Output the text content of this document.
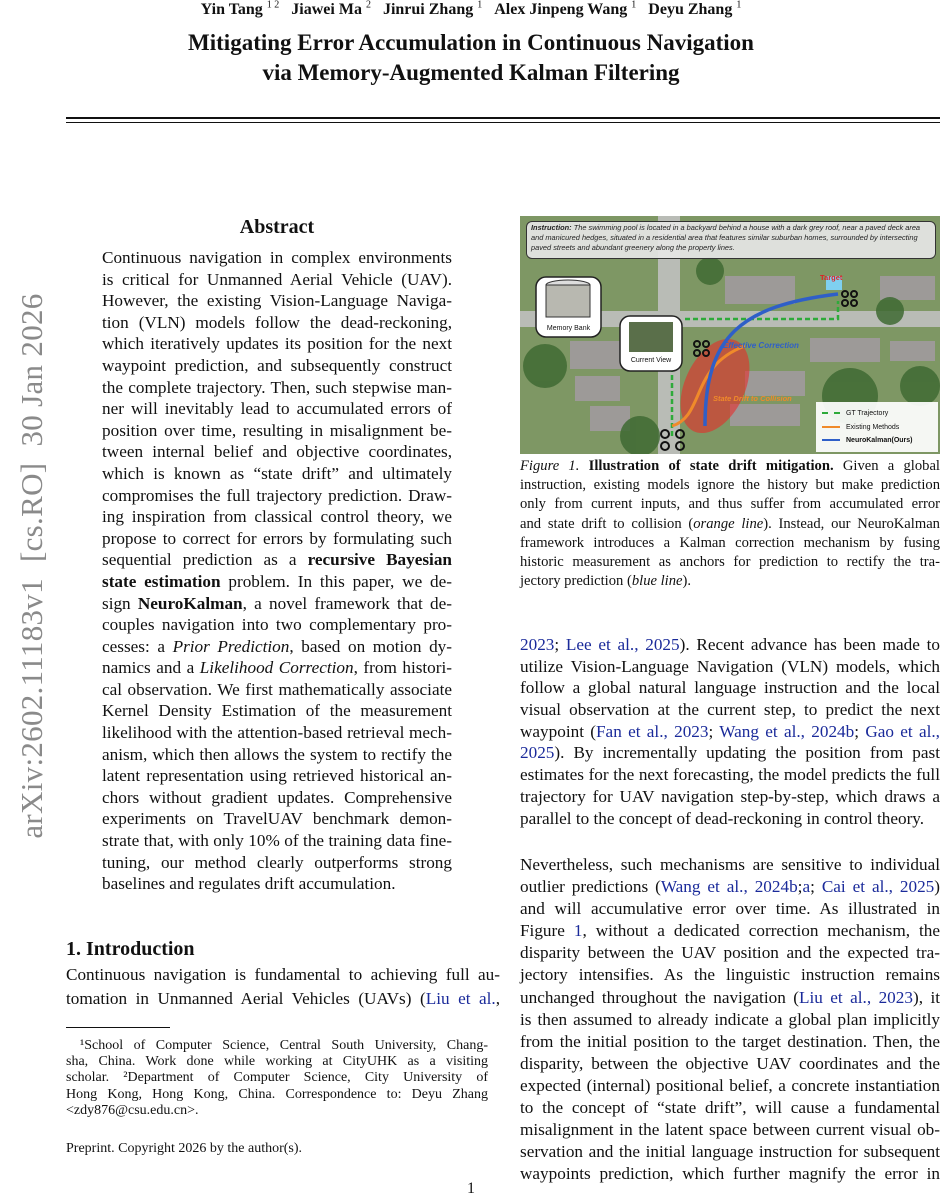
arXiv:2602.11183v1  [cs.RO]  30 Jan 2026
Mitigating Error Accumulation in Continuous Navigation
via Memory-Augmented Kalman Filtering
Yin Tang $^{1 2}$ Jiawei Ma $^2$ Jinrui Zhang $^1$ Alex Jinpeng Wang $^1$ Deyu Zhang $^1$
Abstract
Continuous navigation in complex environments
is critical for Unmanned Aerial Vehicle (UAV).
However, the existing Vision-Language Naviga-
tion (VLN) models follow the dead-reckoning,
which iteratively updates its position for the next
waypoint prediction, and subsequently construct
the complete trajectory. Then, such stepwise man-
ner will inevitably lead to accumulated errors of
position over time, resulting in misalignment be-
tween internal belief and objective coordinates,
which is known as “state drift” and ultimately
compromises the full trajectory prediction. Draw-
ing inspiration from classical control theory, we
propose to correct for errors by formulating such
sequential prediction as a recursive Bayesian
state estimation problem. In this paper, we de-
sign NeuroKalman, a novel framework that de-
couples navigation into two complementary pro-
cesses: a Prior Prediction, based on motion dy-
namics and a Likelihood Correction, from histori-
cal observation. We first mathematically associate
Kernel Density Estimation of the measurement
likelihood with the attention-based retrieval mech-
anism, which then allows the system to rectify the
latent representation using retrieved historical an-
chors without gradient updates. Comprehensive
experiments on TravelUAV benchmark demon-
strate that, with only 10% of the training data fine-
tuning, our method clearly outperforms strong
baselines and regulates drift accumulation.
1. Introduction
Continuous navigation is fundamental to achieving full au-
tomation in Unmanned Aerial Vehicles (UAVs) (Liu et al.,
 ¹School of Computer Science, Central South University, Chang-
sha, China. Work done while working at CityUHK as a visiting
scholar. ²Department of Computer Science, City University of
Hong Kong, Hong Kong, China. Correspondence to: Deyu Zhang
<zdy876@csu.edu.cn>.
Preprint. Copyright 2026 by the author(s).
1
Instruction: The swimming pool is located in a backyard behind a house with a dark grey roof, near a paved deck area and manicured hedges, situated in a residential area that features similar suburban homes, surrounded by intersecting paved streets and abundant greenery along the property lines.
Memory Bank
Current View
Target
Effective Correction
State Drift to Collision
GT Trajectory
Existing Methods
NeuroKalman(Ours)
Figure 1. Illustration of state drift mitigation. Given a global
instruction, existing models ignore the history but make prediction
only from current inputs, and thus suffer from accumulated error
and state drift to collision (orange line). Instead, our NeuroKalman
framework introduces a Kalman correction mechanism by fusing
historic measurement as anchors for prediction to rectify the tra-
jectory prediction (blue line).
2023; Lee et al., 2025). Recent advance has been made to
utilize Vision-Language Navigation (VLN) models, which
follow a global natural language instruction and the local
visual observation at the current step, to predict the next
waypoint (Fan et al., 2023; Wang et al., 2024b; Gao et al.,
2025). By incrementally updating the position from past
estimates for the next forecasting, the model predicts the full
trajectory for UAV navigation step-by-step, which draws a
parallel to the concept of dead-reckoning in control theory.
Nevertheless, such mechanisms are sensitive to individual
outlier predictions (Wang et al., 2024b;a; Cai et al., 2025)
and will accumulative error over time. As illustrated in
Figure 1, without a dedicated correction mechanism, the
disparity between the UAV position and the expected tra-
jectory intensifies. As the linguistic instruction remains
unchanged throughout the navigation (Liu et al., 2023), it
is then assumed to already indicate a global plan implicitly
from the initial position to the target destination. Then, the
disparity, between the objective UAV coordinates and the
expected (internal) positional belief, a concrete instantiation
to the concept of “state drift”, will cause a fundamental
misalignment in the latent space between current visual ob-
servation and the initial language instruction for subsequent
waypoints prediction, which further magnify the error in
